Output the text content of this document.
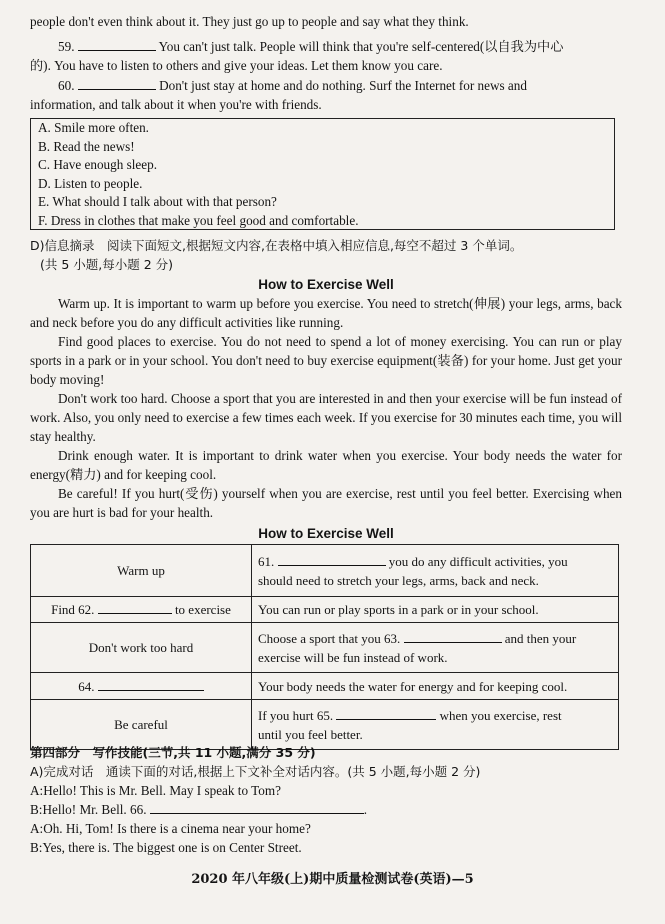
people don't even think about it. They just go up to people and say what they think.

59.	You can't just talk. People will think that you're self-centered(以自我为中心

的). You have to listen to others and give your ideas. Let them know you care.

60.	Don't just stay at home and do nothing. Surf the Internet for news and

information, and talk about it when you're with friends.

A. Smile more often.
B. Read the news!
C. Have enough sleep.
D. Listen to people.
E. What should I talk about with that person?
F. Dress in clothes that make you feel good and comfortable.
D)信息摘录　阅读下面短文,根据短文内容,在表格中填入相应信息,每空不超过 3 个单词。
(共 5 小题,每小题 2 分)
How to Exercise Well

Warm up. It is important to warm up before you exercise. You need to stretch(伸展) your legs, arms, back and neck before you do any difficult activities like running.

Find good places to exercise. You do not need to spend a lot of money exercising. You can run or play sports in a park or in your school. You don't need to buy exercise equipment(装备) for your home. Just get your body moving!

Don't work too hard. Choose a sport that you are interested in and then your exercise will be fun instead of work. Also, you only need to exercise a few times each week. If you exercise for 30 minutes each time, you will stay healthy.

Drink enough water. It is important to drink water when you exercise. Your body needs the water for energy(精力) and for keeping cool.

Be careful! If you hurt(受伤) yourself when you are exercise, rest until you feel better. Exercising when you are hurt is bad for your health.

How to Exercise Well
Warm up	61. you do any difficult activities, you
should need to stretch your legs, arms, back and neck.

Find 62. to exercise	You can run or play sports in a park or in your school.
Don't work too hard	Choose a sport that you 63. and then your
exercise will be fun instead of work.

64.	Your body needs the water for energy and for keeping cool.
Be careful	If you hurt 65. when you exercise, rest
until you feel better.
第四部分　写作技能(三节,共 11 小题,满分 35 分)
A)完成对话　通读下面的对话,根据上下文补全对话内容。(共 5 小题,每小题 2 分)
A:Hello! This is Mr. Bell. May I speak to Tom?
B:Hello! Mr. Bell. 66.	.
A:Oh. Hi, Tom! Is there is a cinema near your home?
B:Yes, there is. The biggest one is on Center Street.
2020 年八年级(上)期中质量检测试卷(英语)—5
